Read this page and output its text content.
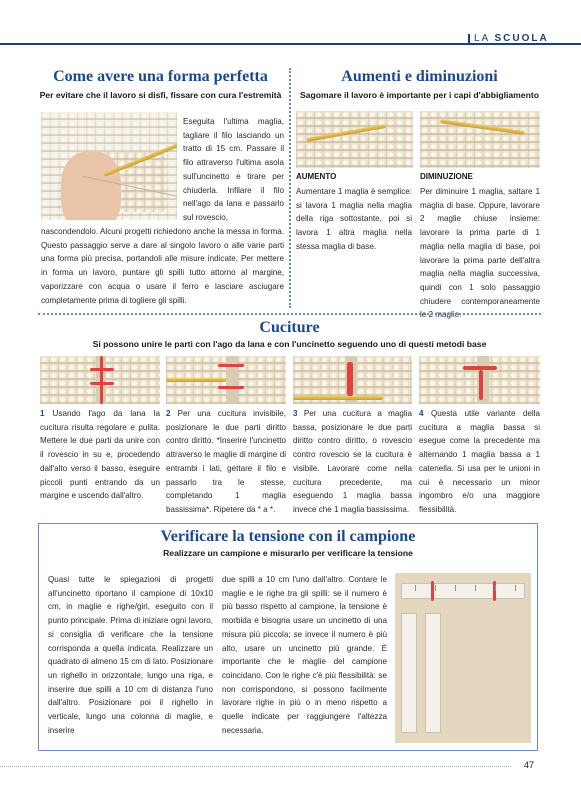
LA SCUOLA
Come avere una forma perfetta
Per evitare che il lavoro si disfi, fissare con cura l'estremità
Eseguita l'ultima maglia, tagliare il filo lasciando un tratto di 15 cm. Passare il filo attraverso l'ultima asola sull'uncinetto e tirare per chiuderla. Infilare il filo nell'ago da lana e passarlo sul rovescio,
nascondendolo. Alcuni progetti richiedono anche la messa in forma. Questo passaggio serve a dare al singolo lavoro o alle varie parti una forma più precisa, portandoli alle misure indicate. Per mettere in forma un lavoro, puntare gli spilli tutto attorno al margine, vaporizzare con acqua o usare il ferro e lasciare asciugare completamente prima di togliere gli spilli.
Aumenti e diminuzioni
Sagomare il lavoro è importante per i capi d'abbigliamento
AUMENTO
Aumentare 1 maglia è semplice: si lavora 1 maglia nella maglia della riga sottostante, poi si lavora 1 altra maglia nella stessa maglia di base.
DIMINUZIONE
Per diminuire 1 maglia, saltare 1 maglia di base. Oppure, lavorare 2 maglie chiuse insieme: lavorare la prima parte di 1 maglia nella maglia di base, poi lavorare la prima parte dell'altra maglia nella maglia successiva, quindi con 1 solo passaggio chiudere contemporaneamente le 2 maglie.
Cuciture
Si possono unire le parti con l'ago da lana e con l'uncinetto seguendo uno di questi metodi base
1 Usando l'ago da lana la cucitura risulta regolare e pulita. Mettere le due parti da unire con il rovescio in su e, procedendo dall'alto verso il basso, eseguire piccoli punti entrando da un margine e uscendo dall'altro.
2 Per una cucitura invisibile, posizionare le due parti diritto contro diritto. *Inserire l'uncinetto attraverso le maglie di margine di entrambi i lati, gettare il filo e passarlo tra le stesse, completando 1 maglia bassissima*. Ripetere da * a *.
3 Per una cucitura a maglia bassa, posizionare le due parti diritto contro diritto, o rovescio contro rovescio se la cucitura è visibile. Lavorare come nella cucitura precedente, ma eseguendo 1 maglia bassa invece che 1 maglia bassissima.
4 Questa utile variante della cucitura a maglia bassa si esegue come la precedente ma alternando 1 maglia bassa a 1 catenella. Si usa per le unioni in cui è necessario un minor ingombro e/o una maggiore flessibilità.
Verificare la tensione con il campione
Realizzare un campione e misurarlo per verificare la tensione
Quasi tutte le spiegazioni di progetti all'uncinetto riportano il campione di 10x10 cm, in maglie e righe/giri, eseguito con il punto principale. Prima di iniziare ogni lavoro, si consiglia di verificare che la tensione corrisponda a quella indicata. Realizzare un quadrato di almeno 15 cm di lato. Posizionare un righello in orizzontale, lungo una riga, e inserire due spilli a 10 cm di distanza l'uno dall'altro. Posizionare poi il righello in verticale, lungo una colonna di maglie, e inserire
due spilli a 10 cm l'uno dall'altro. Contare le maglie e le righe tra gli spilli: se il numero è più basso rispetto al campione, la tensione è morbida e bisogna usare un uncinetto di una misura più piccola; se invece il numero è più alto, usare un uncinetto più grande. È importante che le maglie del campione coincidano. Con le righe c'è più flessibilità: se non corrispondono, si possono facilmente lavorare righe in più o in meno rispetto a quelle indicate per raggiungere l'altezza necessaria.
47
